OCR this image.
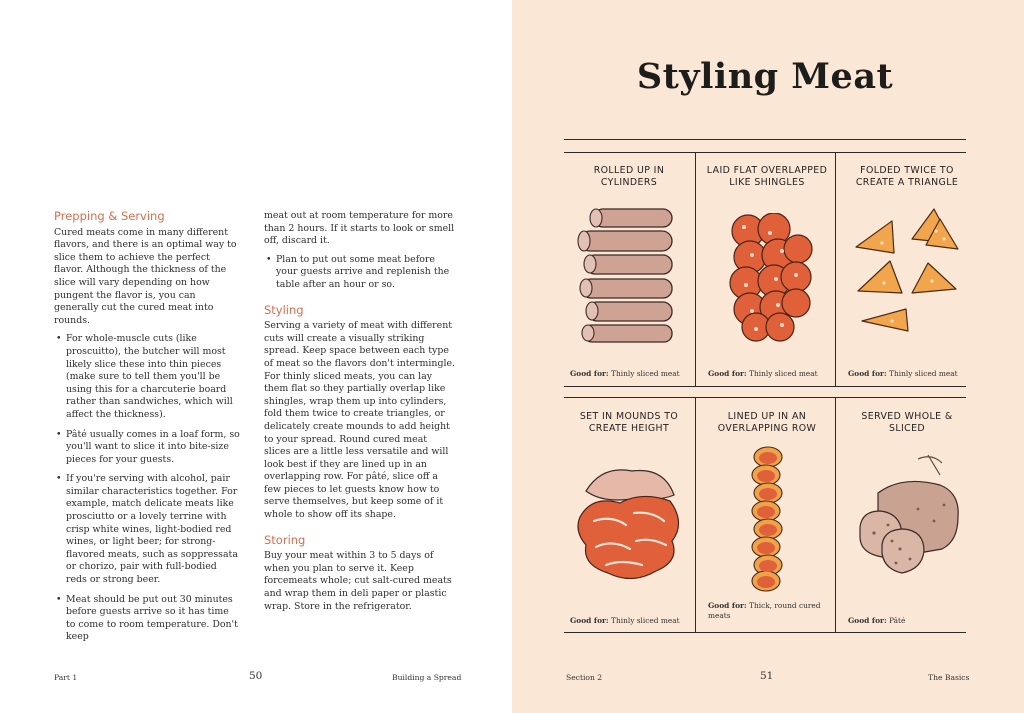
Prepping & Serving

Cured meats come in many different flavors, and there is an optimal way to slice them to achieve the perfect flavor. Although the thickness of the slice will vary depending on how pungent the flavor is, you can generally cut the cured meat into rounds.

• For whole-muscle cuts (like proscuitto), the butcher will most likely slice these into thin pieces (make sure to tell them you'll be using this for a charcuterie board rather than sandwiches, which will affect the thickness).
• Pâté usually comes in a loaf form, so you'll want to slice it into bite-size pieces for your guests.
• If you're serving with alcohol, pair similar characteristics together. For example, match delicate meats like prosciutto or a lovely terrine with crisp white wines, light-bodied red wines, or light beer; for strong-flavored meats, such as soppressata or chorizo, pair with full-bodied reds or strong beer.
• Meat should be put out 30 minutes before guests arrive so it has time to come to room temperature. Don't keep

meat out at room temperature for more than 2 hours. If it starts to look or smell off, discard it.

• Plan to put out some meat before your guests arrive and replenish the table after an hour or so.
Styling

Serving a variety of meat with different cuts will create a visually striking spread. Keep space between each type of meat so the flavors don't intermingle. For thinly sliced meats, you can lay them flat so they partially overlap like shingles, wrap them up into cylinders, fold them twice to create triangles, or delicately create mounds to add height to your spread. Round cured meat slices are a little less versatile and will look best if they are lined up in an overlapping row. For pâté, slice off a few pieces to let guests know how to serve themselves, but keep some of it whole to show off its shape.

Storing

Buy your meat within 3 to 5 days of when you plan to serve it. Keep forcemeats whole; cut salt-cured meats and wrap them in deli paper or plastic wrap. Store in the refrigerator.

Part 1	50	Building a Spread
Styling Meat
ROLLED UP IN CYLINDERS
Good for: Thinly sliced meat
LAID FLAT OVERLAPPED LIKE SHINGLES
Good for: Thinly sliced meat
FOLDED TWICE TO CREATE A TRIANGLE
Good for: Thinly sliced meat
SET IN MOUNDS TO CREATE HEIGHT
Good for: Thinly sliced meat
LINED UP IN AN OVERLAPPING ROW
Good for: Thick, round cured meats
SERVED WHOLE & SLICED
Good for: Pâté
Section 2	51	The Basics
